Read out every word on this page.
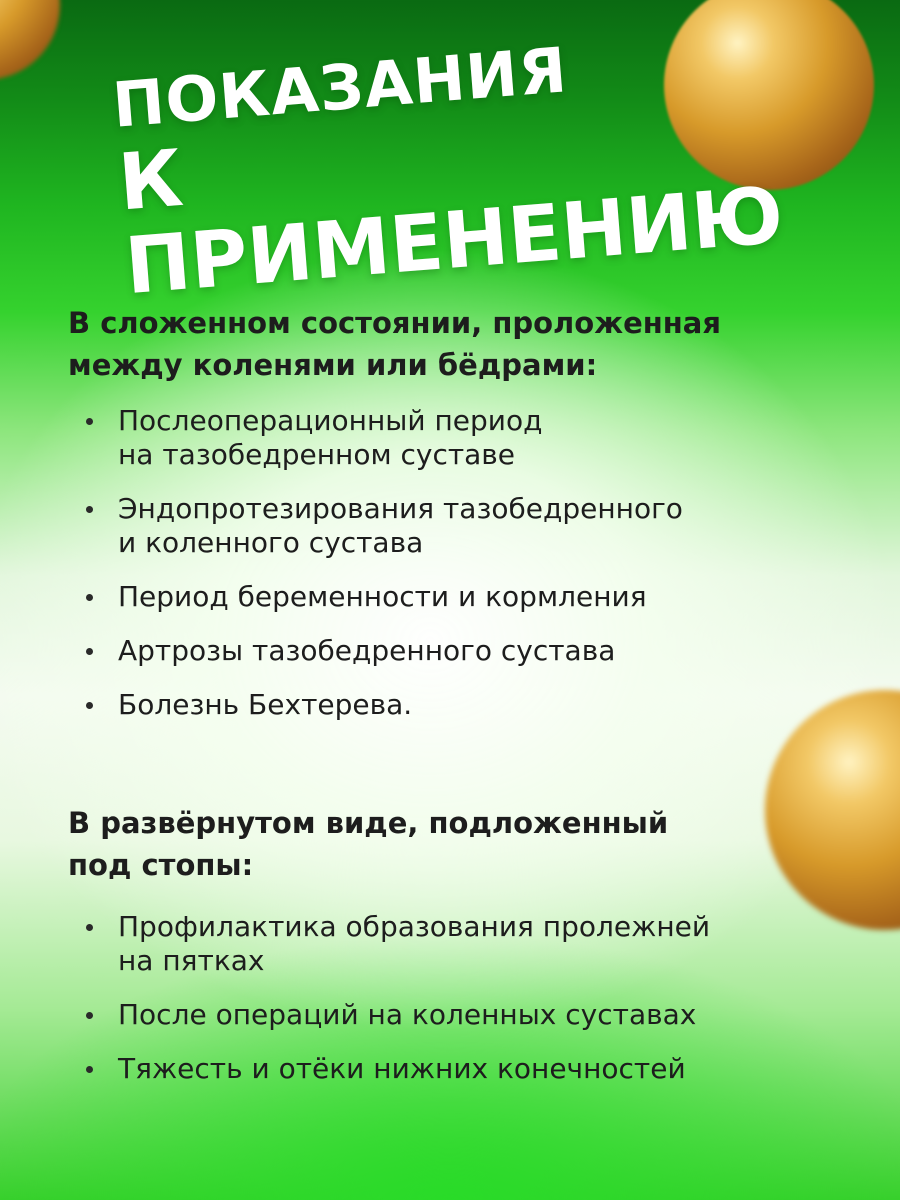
ПОКАЗАНИЯ
К ПРИМЕНЕНИЮ
В сложенном состоянии, проложенная
между коленями или бёдрами:
Послеоперационный период
на тазобедренном суставе
Эндопротезирования тазобедренного
и коленного сустава
Период беременности и кормления
Артрозы тазобедренного сустава
Болезнь Бехтерева.
В развёрнутом виде, подложенный
под стопы:
Профилактика образования пролежней
на пятках
После операций на коленных суставах
Тяжесть и отёки нижних конечностей
